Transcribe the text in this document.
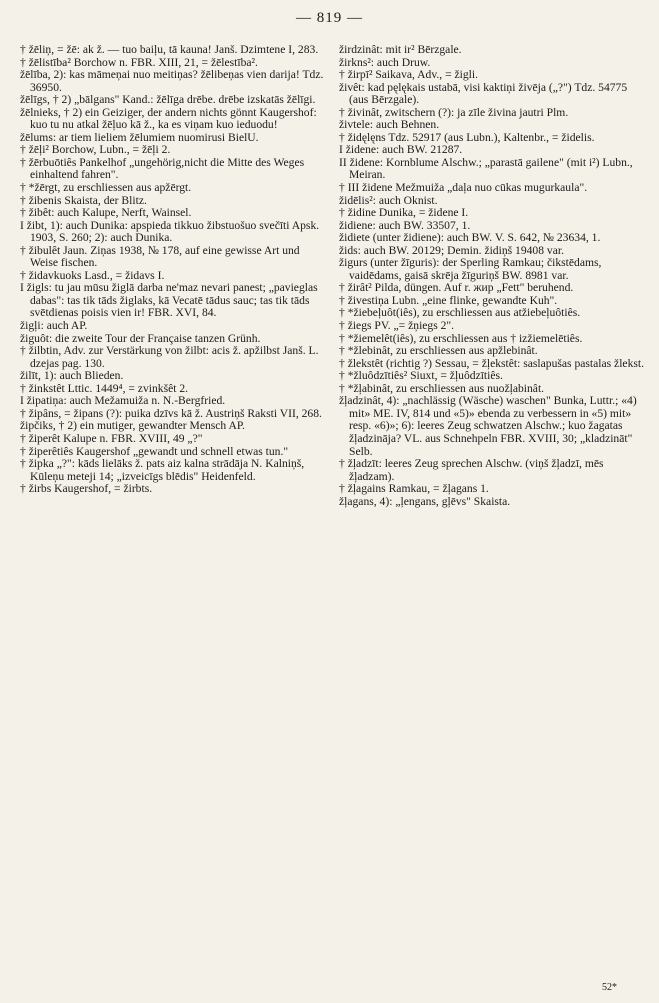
— 819 —

† žēliņ, = žē: ak ž. — tuo baiļu, tā kauna! Janš. Dzimtene I, 283.

† žēlistība² Borchow n. FBR. XIII, 21, = žēlestība².

žēlība, 2): kas māmeņai nuo meitiņas? žēlibeņas vien darija! Tdz. 36950.

žēlīgs, † 2) „bālgans" Kand.: žēlīga drēbe. drēbe izskatās žēlīgi.

žēlnieks, † 2) ein Geiziger, der andern nichts gönnt Kaugershof: kuo tu nu atkal žēļuo kā ž., ka es viņam kuo ieduodu!

žēlums: ar tiem lieliem žēlumiem nuomirusi BielU.

† žēļi² Borchow, Lubn., = žēļi 2.

† žērbuōtiês Pankelhof „ungehörig,nicht die Mitte des Weges einhaltend fahren".

† *žērgt, zu erschliessen aus apžērgt.

† žibenis Skaista, der Blitz.

† žibêt: auch Kalupe, Nerft, Wainsel.

I žibt, 1): auch Dunika: apspieda tikkuo žibstuošuo svečīti Apsk. 1903, S. 260; 2): auch Dunika.

† žibulêt Jaun. Ziņas 1938, № 178, auf eine gewisse Art und Weise fischen.

† židavkuoks Lasd., = židavs I.

I žigls: tu jau mūsu žiglā darba ne'maz nevari panest; „pavieglas dabas": tas tik tāds žiglaks, kā Vecatē tādus sauc; tas tik tāds svētdienas poisis vien ir! FBR. XVI, 84.

žigļi: auch AP.

žiguôt: die zweite Tour der Française tanzen Grünh.

† žilbtin, Adv. zur Verstärkung von žilbt: acis ž. apžilbst Janš. L. dzejas pag. 130.

žilīt, 1): auch Blieden.

† žinkstêt Lttic. 1449⁴, = zvinkšêt 2.

I žipatiņa: auch Mežamuiža n. N.-Bergfried.

† žipâns, = žipans (?): puika dzīvs kā ž. Austriņš Raksti VII, 268.

žipčiks, † 2) ein mutiger, gewandter Mensch AP.

† žiperêt Kalupe n. FBR. XVIII, 49 „?"

† žiperêtiês Kaugershof „gewandt und schnell etwas tun."

† žipka „?": kāds lielāks ž. pats aiz kalna strādāja N. Kalniņš, Kūleņu meteji 14; „izveicīgs blēdis" Heidenfeld.

† žirbs Kaugershof, = žirbts.

žirdzinât: mit ir² Bērzgale.

žirkns²: auch Druw.

† žirpī² Saikava, Adv., = žigli.

živêt: kad pęlękais ustabā, visi kaktiņi živēja („?") Tdz. 54775 (aus Bērzgale).

† živinât, zwitschern (?): ja zīle živina jautri Plm.

živtele: auch Behnen.

† židęlęns Tdz. 52917 (aus Lubn.), Kaltenbr., = židelis.

I židene: auch BW. 21287.

II židene: Kornblume Alschw.; „parastā gailene" (mit i²) Lubn., Meiran.

† III židene Mežmuiža „daļa nuo cūkas mugurkaula".

židēlis²: auch Oknist.

† židine Dunika, = židene I.

židiene: auch BW. 33507, 1.

židiete (unter židiene): auch BW. V. S. 642, № 23634, 1.

žids: auch BW. 20129; Demin. židiņš 19408 var.

žigurs (unter žīguris): der Sperling Ramkau; čikstēdams, vaidēdams, gaisā skrēja žīguriņš BW. 8981 var.

† žirât² Pilda, düngen. Auf r. жир „Fett" beruhend.

† živestiņa Lubn. „eine flinke, gewandte Kuh".

† *žiebeļuôt(iês), zu erschliessen aus atžiebeļuôtiês.

† žiegs PV. „= žņiegs 2".

† *žiemelêt(iês), zu erschliessen aus † izžiemelētiês.

† *žlebinât, zu erschliessen aus apžlebinât.

† žlekstêt (richtig ?) Sessau, = žļekstêt: saslapušas pastalas žlekst.

† *žluôdzītiês² Siuxt, = žļuôdzītiês.

† *žļabinât, zu erschliessen aus nuožļabinât.

žļadzinât, 4): „nachlässig (Wäsche) waschen" Bunka, Luttr.; «4) mit» ME. IV, 814 und «5)» ebenda zu verbessern in «5) mit» resp. «6)»; 6): leeres Zeug schwatzen Alschw.; kuo žagatas žļadzināja? VL. aus Schnehpeln FBR. XVIII, 30; „kladzināt" Selb.

† žļadzīt: leeres Zeug sprechen Alschw. (viņš žļadzī, mēs žļadzam).

† žļagains Ramkau, = žļagans 1.

žļagans, 4): „ļengans, gļēvs" Skaista.

52*
